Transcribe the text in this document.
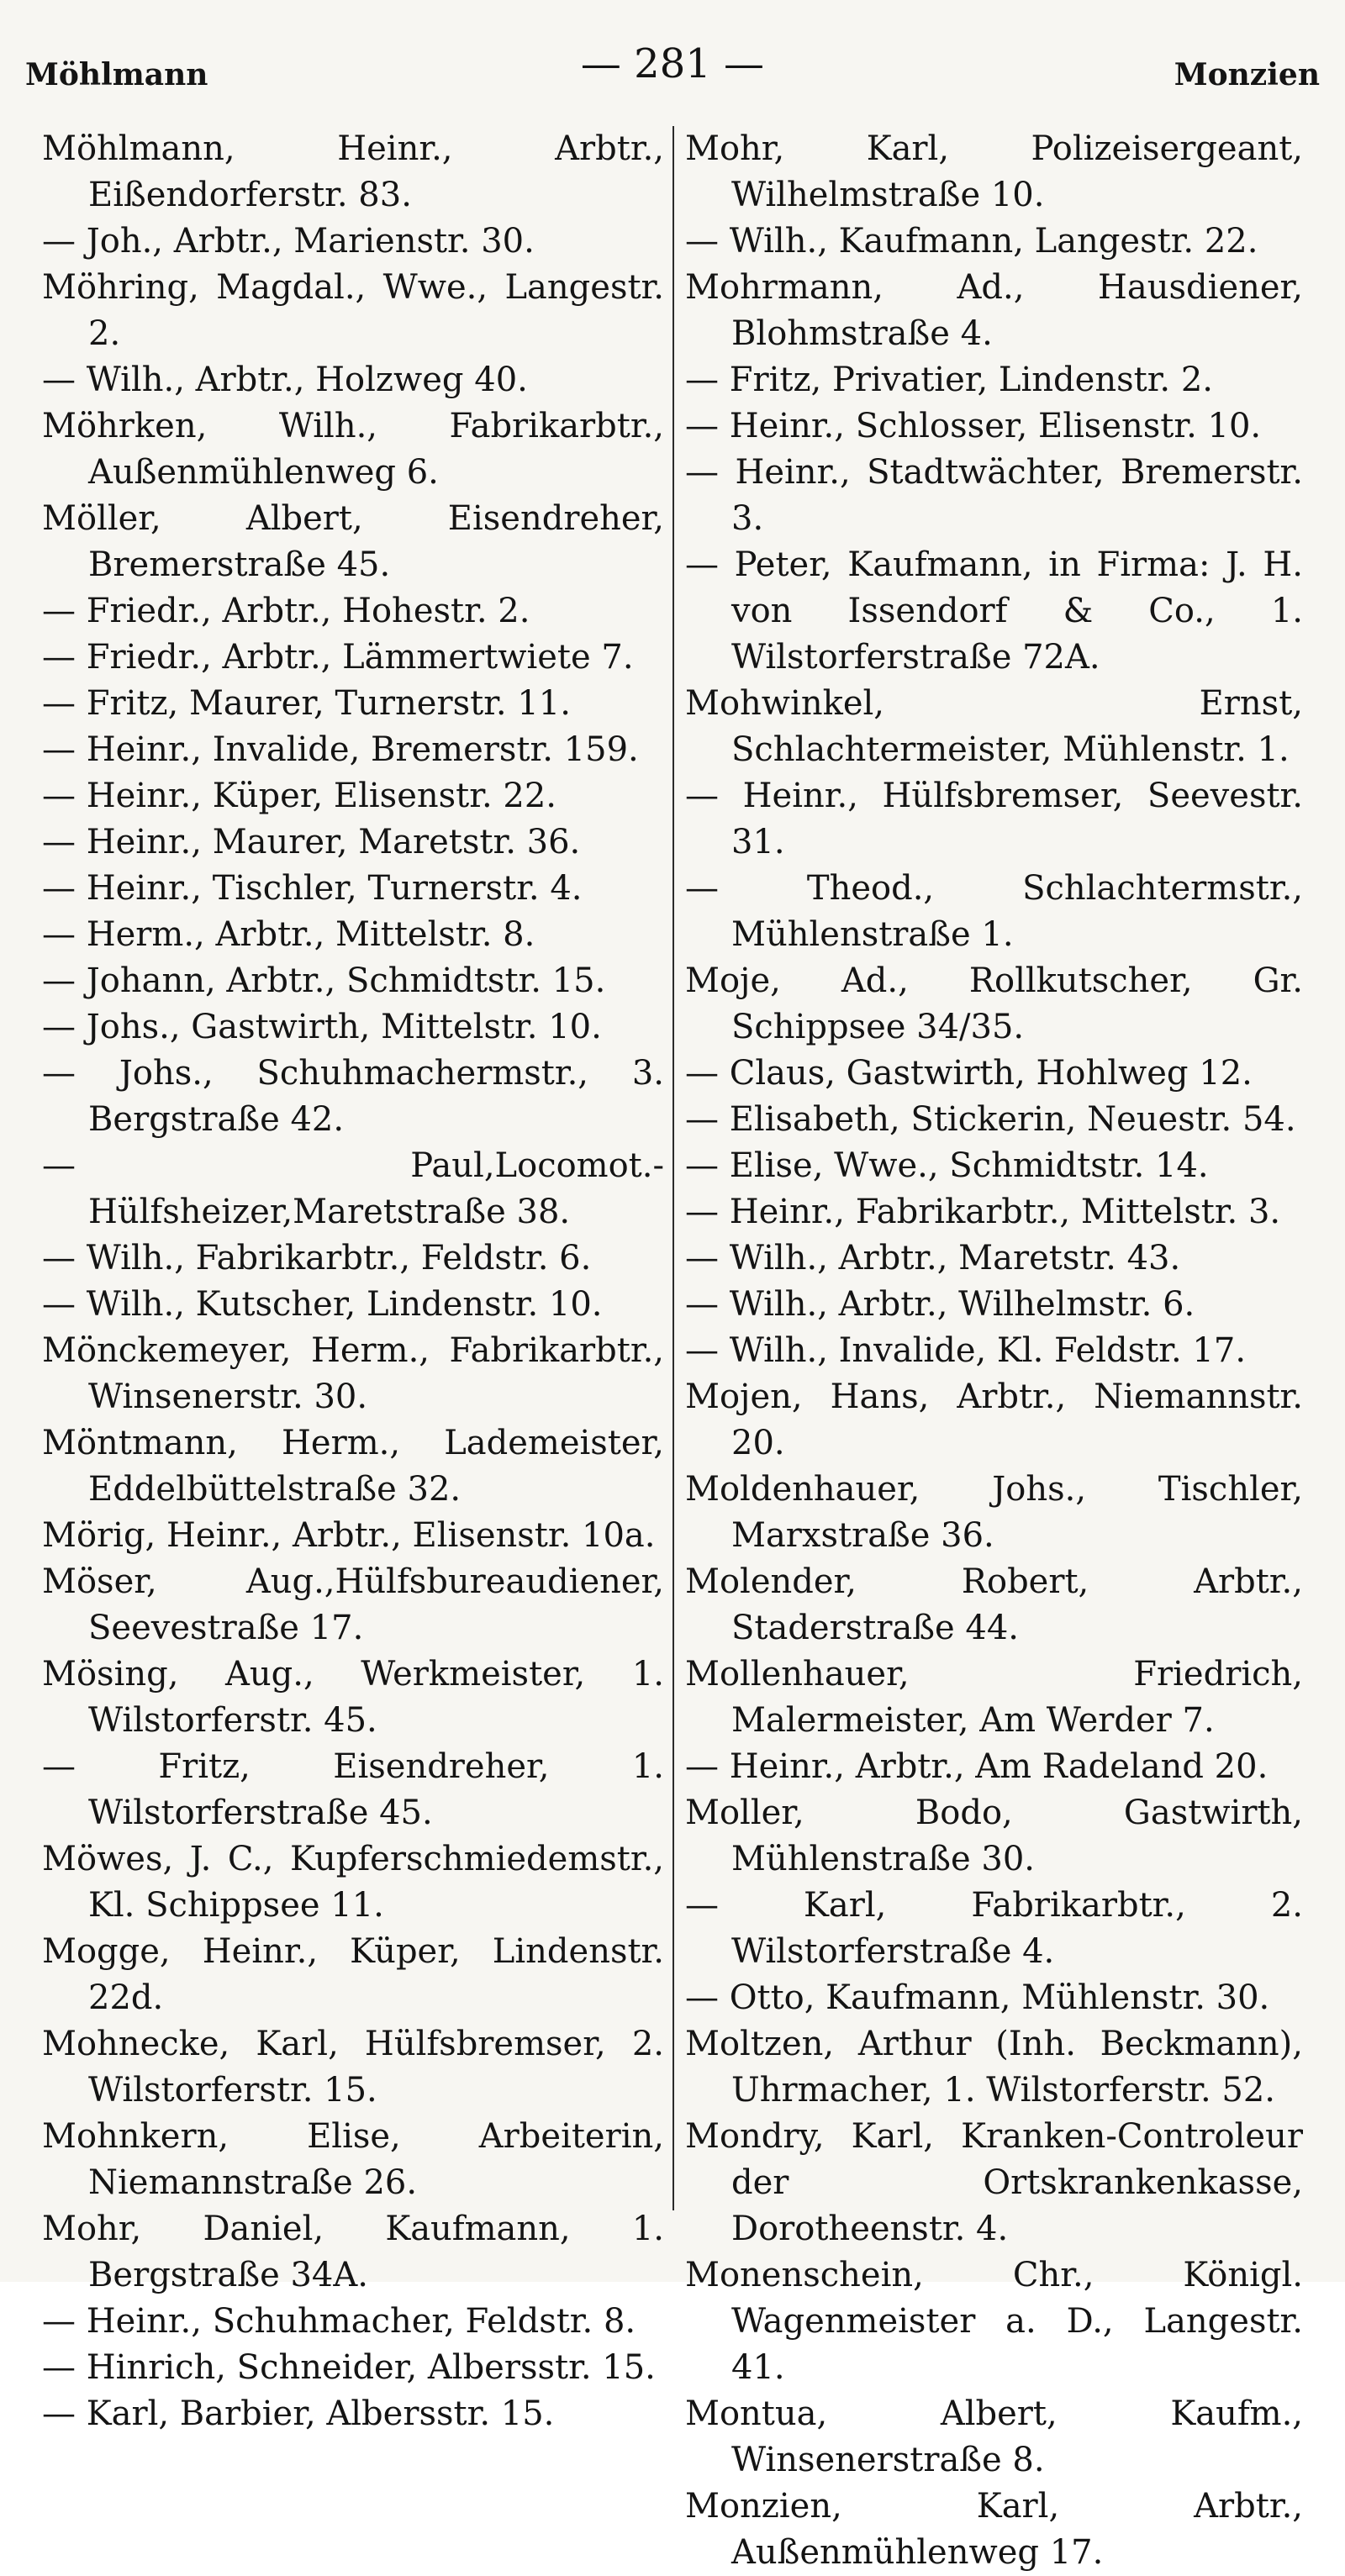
Möhlmann	— 281 —	Monzien

Möhlmann, Heinr., Arbtr., Eißendorferstr. 83.

— Joh., Arbtr., Marienstr. 30.

Möhring, Magdal., Wwe., Langestr. 2.

— Wilh., Arbtr., Holzweg 40.

Möhrken, Wilh., Fabrikarbtr., Außenmühlenweg 6.

Möller, Albert, Eisendreher, Bremerstraße 45.

— Friedr., Arbtr., Hohestr. 2.

— Friedr., Arbtr., Lämmertwiete 7.

— Fritz, Maurer, Turnerstr. 11.

— Heinr., Invalide, Bremerstr. 159.

— Heinr., Küper, Elisenstr. 22.

— Heinr., Maurer, Maretstr. 36.

— Heinr., Tischler, Turnerstr. 4.

— Herm., Arbtr., Mittelstr. 8.

— Johann, Arbtr., Schmidtstr. 15.

— Johs., Gastwirth, Mittelstr. 10.

— Johs., Schuhmachermstr., 3. Bergstraße 42.

— Paul,Locomot.-Hülfsheizer,Maretstraße 38.

— Wilh., Fabrikarbtr., Feldstr. 6.

— Wilh., Kutscher, Lindenstr. 10.

Mönckemeyer, Herm., Fabrikarbtr., Winsenerstr. 30.

Möntmann, Herm., Lademeister, Eddelbüttelstraße 32.

Mörig, Heinr., Arbtr., Elisenstr. 10a.

Möser, Aug.,Hülfsbureaudiener, Seevestraße 17.

Mösing, Aug., Werkmeister, 1. Wilstorferstr. 45.

— Fritz, Eisendreher, 1. Wilstorferstraße 45.

Möwes, J. C., Kupferschmiedemstr., Kl. Schippsee 11.

Mogge, Heinr., Küper, Lindenstr. 22d.

Mohnecke, Karl, Hülfsbremser, 2. Wilstorferstr. 15.

Mohnkern, Elise, Arbeiterin, Niemannstraße 26.

Mohr, Daniel, Kaufmann, 1. Bergstraße 34A.

— Heinr., Schuhmacher, Feldstr. 8.

— Hinrich, Schneider, Albersstr. 15.

— Karl, Barbier, Albersstr. 15.

Mohr, Karl, Polizeisergeant, Wilhelmstraße 10.

— Wilh., Kaufmann, Langestr. 22.

Mohrmann, Ad., Hausdiener, Blohmstraße 4.

— Fritz, Privatier, Lindenstr. 2.

— Heinr., Schlosser, Elisenstr. 10.

— Heinr., Stadtwächter, Bremerstr. 3.

— Peter, Kaufmann, in Firma: J. H. von Issendorf & Co., 1. Wilstorferstraße 72A.

Mohwinkel, Ernst, Schlachtermeister, Mühlenstr. 1.

— Heinr., Hülfsbremser, Seevestr. 31.

— Theod., Schlachtermstr., Mühlenstraße 1.

Moje, Ad., Rollkutscher, Gr. Schippsee 34/35.

— Claus, Gastwirth, Hohlweg 12.

— Elisabeth, Stickerin, Neuestr. 54.

— Elise, Wwe., Schmidtstr. 14.

— Heinr., Fabrikarbtr., Mittelstr. 3.

— Wilh., Arbtr., Maretstr. 43.

— Wilh., Arbtr., Wilhelmstr. 6.

— Wilh., Invalide, Kl. Feldstr. 17.

Mojen, Hans, Arbtr., Niemannstr. 20.

Moldenhauer, Johs., Tischler, Marxstraße 36.

Molender, Robert, Arbtr., Staderstraße 44.

Mollenhauer, Friedrich, Malermeister, Am Werder 7.

— Heinr., Arbtr., Am Radeland 20.

Moller, Bodo, Gastwirth, Mühlenstraße 30.

— Karl, Fabrikarbtr., 2. Wilstorferstraße 4.

— Otto, Kaufmann, Mühlenstr. 30.

Moltzen, Arthur (Inh. Beckmann), Uhrmacher, 1. Wilstorferstr. 52.

Mondry, Karl, Kranken-Controleur der Ortskrankenkasse, Dorotheenstr. 4.

Monenschein, Chr., Königl. Wagenmeister a. D., Langestr. 41.

Montua, Albert, Kaufm., Winsenerstraße 8.

Monzien, Karl, Arbtr., Außenmühlenweg 17.
